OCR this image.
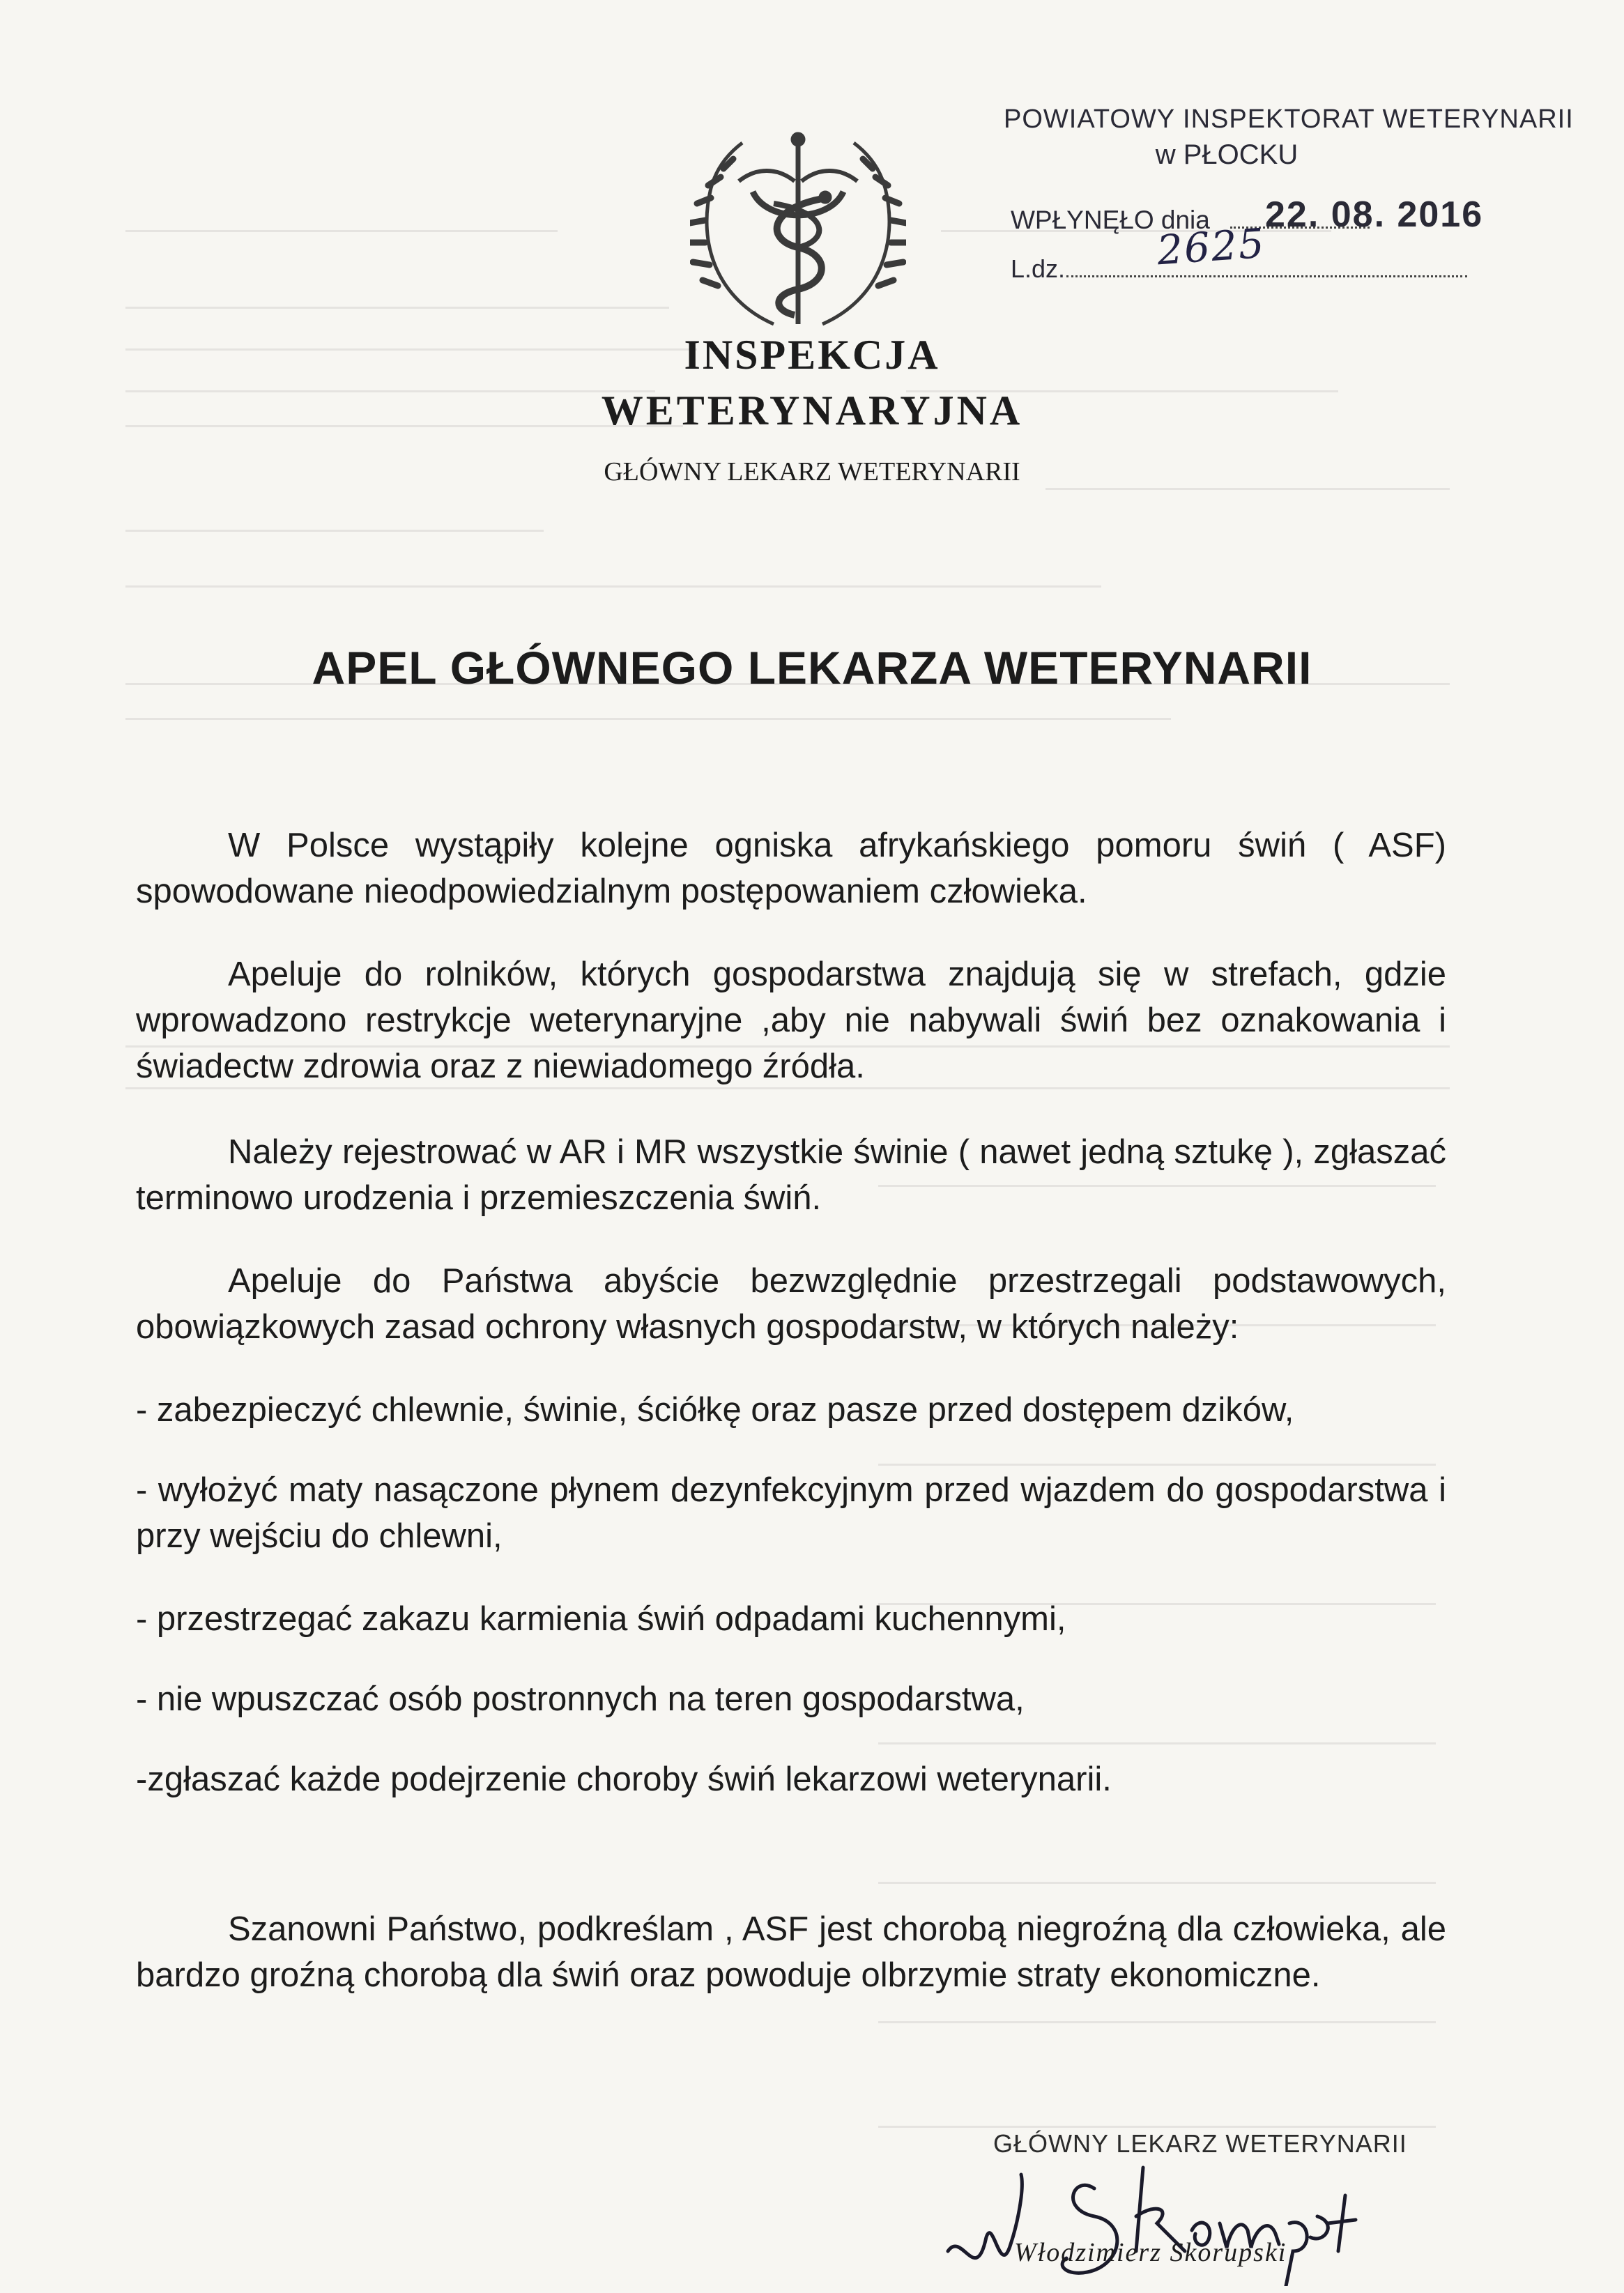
POWIATOWY INSPEKTORAT WETERYNARII
w PŁOCKU
WPŁYNĘŁO dnia 22. 08. 2016
L.dz. 2625
INSPEKCJA
WETERYNARYJNA
GŁÓWNY LEKARZ WETERYNARII
APEL GŁÓWNEGO LEKARZA WETERYNARII
W Polsce wystąpiły kolejne ogniska afrykańskiego pomoru świń ( ASF) spowodowane nieodpowiedzialnym postępowaniem człowieka.
Apeluje do rolników, których gospodarstwa znajdują się w strefach, gdzie wprowadzono restrykcje weterynaryjne ,aby nie nabywali świń bez oznakowania i świadectw zdrowia oraz z niewiadomego źródła.
Należy rejestrować w AR i MR wszystkie świnie ( nawet jedną sztukę ), zgłaszać terminowo urodzenia i przemieszczenia świń.
Apeluje do Państwa abyście bezwzględnie przestrzegali podstawowych, obowiązkowych zasad ochrony własnych gospodarstw, w których należy:
- zabezpieczyć chlewnie, świnie, ściółkę oraz pasze przed dostępem dzików,
- wyłożyć maty nasączone płynem dezynfekcyjnym przed wjazdem do gospodarstwa i przy wejściu do chlewni,
- przestrzegać zakazu karmienia świń odpadami kuchennymi,
- nie wpuszczać osób postronnych na teren gospodarstwa,
-zgłaszać każde podejrzenie choroby świń lekarzowi weterynarii.
Szanowni Państwo, podkreślam , ASF jest chorobą niegroźną dla człowieka, ale bardzo groźną chorobą dla świń oraz powoduje olbrzymie straty ekonomiczne.
GŁÓWNY LEKARZ WETERYNARII
Włodzimierz Skorupski
